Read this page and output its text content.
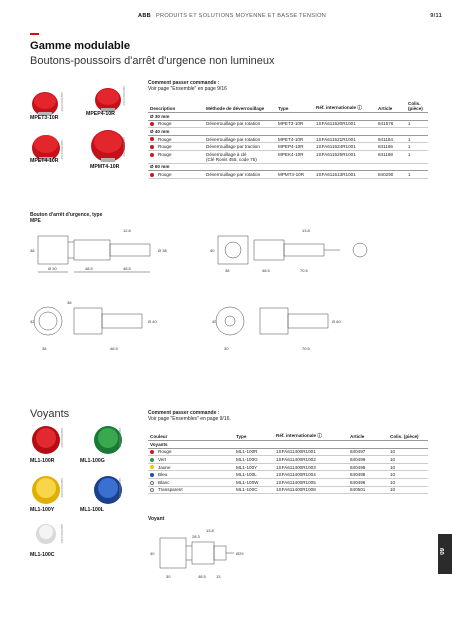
ABB PRODUITS ET SOLUTIONS MOYENNE ET BASSE TENSION	9/11
Gamme modulable
Boutons-poussoirs d'arrêt d'urgence non lumineux
MPET3-10R
MPEP4-10R
MPET4-10R
MPMT4-10R
2SFC0011B55	2SFC0011B55
2SFC0011B55	2SFC0011B55
Comment passer commande :
Voir page "Ensemble" en page 9/16
Description	Méthode de déverrouillage	Type	Réf. internationale ⓘ	Article	Colis. (pièce)
Ø 30 mm					
Rouge	Déverrouillage par rotation	MPET3-10R	1SFA611520R1001	841576	1
Ø 40 mm					
Rouge	Déverrouillage par rotation	MPET4-10R	1SFA611521R1001	841184	1
Rouge	Déverrouillage par traction	MPEP4-10R	1SFA611524R1001	841166	1
Rouge	Déverrouillage à clé
(Clé Ronis 455, code 75)	MPEK4-10R	1SFA611525R1001	841168	1
Ø 60 mm					
Rouge	Déverrouillage par rotation	MPMT4-10R	1SFA611513R1001	840290	1
Bouton d'arrêt d'urgence, type MPE
Ø 30	48.5	48.5
12.8
38	Ø 38
38
40
13.8
48.5	70.5
42
38
Ø 40
48.5
38
40	Ø 60
30	70.5
Voyants
ML1-100R	ML1-100G
ML1-100Y	ML1-100L
ML1-100C
2SFC0011B55	2SFC0011B55
2SFC0011B55	2SFC0011B55
2SFC0011B55
Comment passer commande :
Voir page "Ensembles" en page 9/16.
Couleur	Type	Réf. internationale ⓘ	Article	Colis. (pièce)
Voyants				
Rouge	ML1-100R	1SFA611400R1001	840497	10
Vert	ML1-100G	1SFA611400R1002	840499	10
Jaune	ML1-100Y	1SFA611400R1003	840495	10
Bleu	ML1-100L	1SFA611400R1004	840498	10
Blanc	ML1-100W	1SFA611400R1005	840496	10
Transparent	ML1-100C	1SFA611400R1008	840501	10
Voyant
13.8
28.3
40	Ø29
30	48.5	13
09
